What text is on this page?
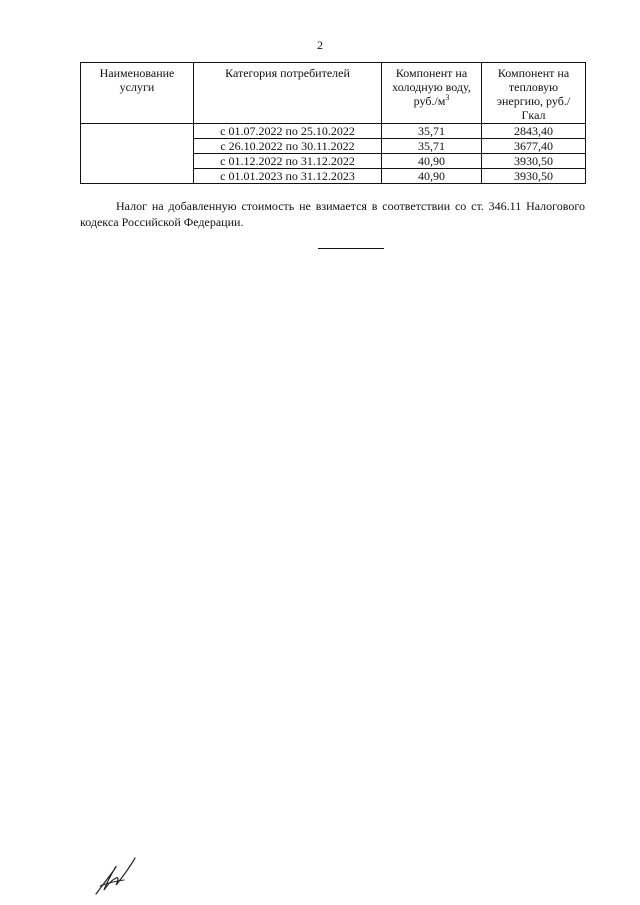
2
Наименование услуги	Категория потребителей	Компонент на холодную воду, $руб./м^3$	Компонент на тепловую энергию, руб./Гкал
	с 01.07.2022 по 25.10.2022	35,71	2843,40
	с 26.10.2022 по 30.11.2022	35,71	3677,40
	с 01.12.2022 по 31.12.2022	40,90	3930,50
	с 01.01.2023 по 31.12.2023	40,90	3930,50

Налог на добавленную стоимость не взимается в соответствии со ст. 346.11 Налогового кодекса Российской Федерации.
